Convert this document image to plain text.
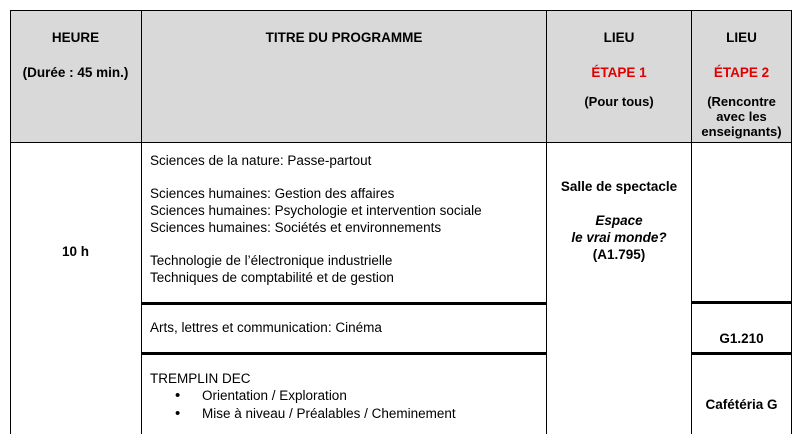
HEURE
(Durée : 45 min.)
TITRE DU PROGRAMME	LIEU
ÉTAPE 1
(Pour tous)
LIEU
ÉTAPE 2
(Rencontre
avec les
enseignants)
10 h
Sciences de la nature: Passe-partout
Sciences humaines: Gestion des affaires
Sciences humaines: Psychologie et intervention sociale
Sciences humaines: Sociétés et environnements
Technologie de l’électronique industrielle
Techniques de comptabilité et de gestion
Arts, lettres et communication: Cinéma
TREMPLIN DEC
• Orientation / Exploration
• Mise à niveau / Préalables / Cheminement
Salle de spectacle
Espace
le vrai monde?
(A1.795)
G1.210
Cafétéria G
